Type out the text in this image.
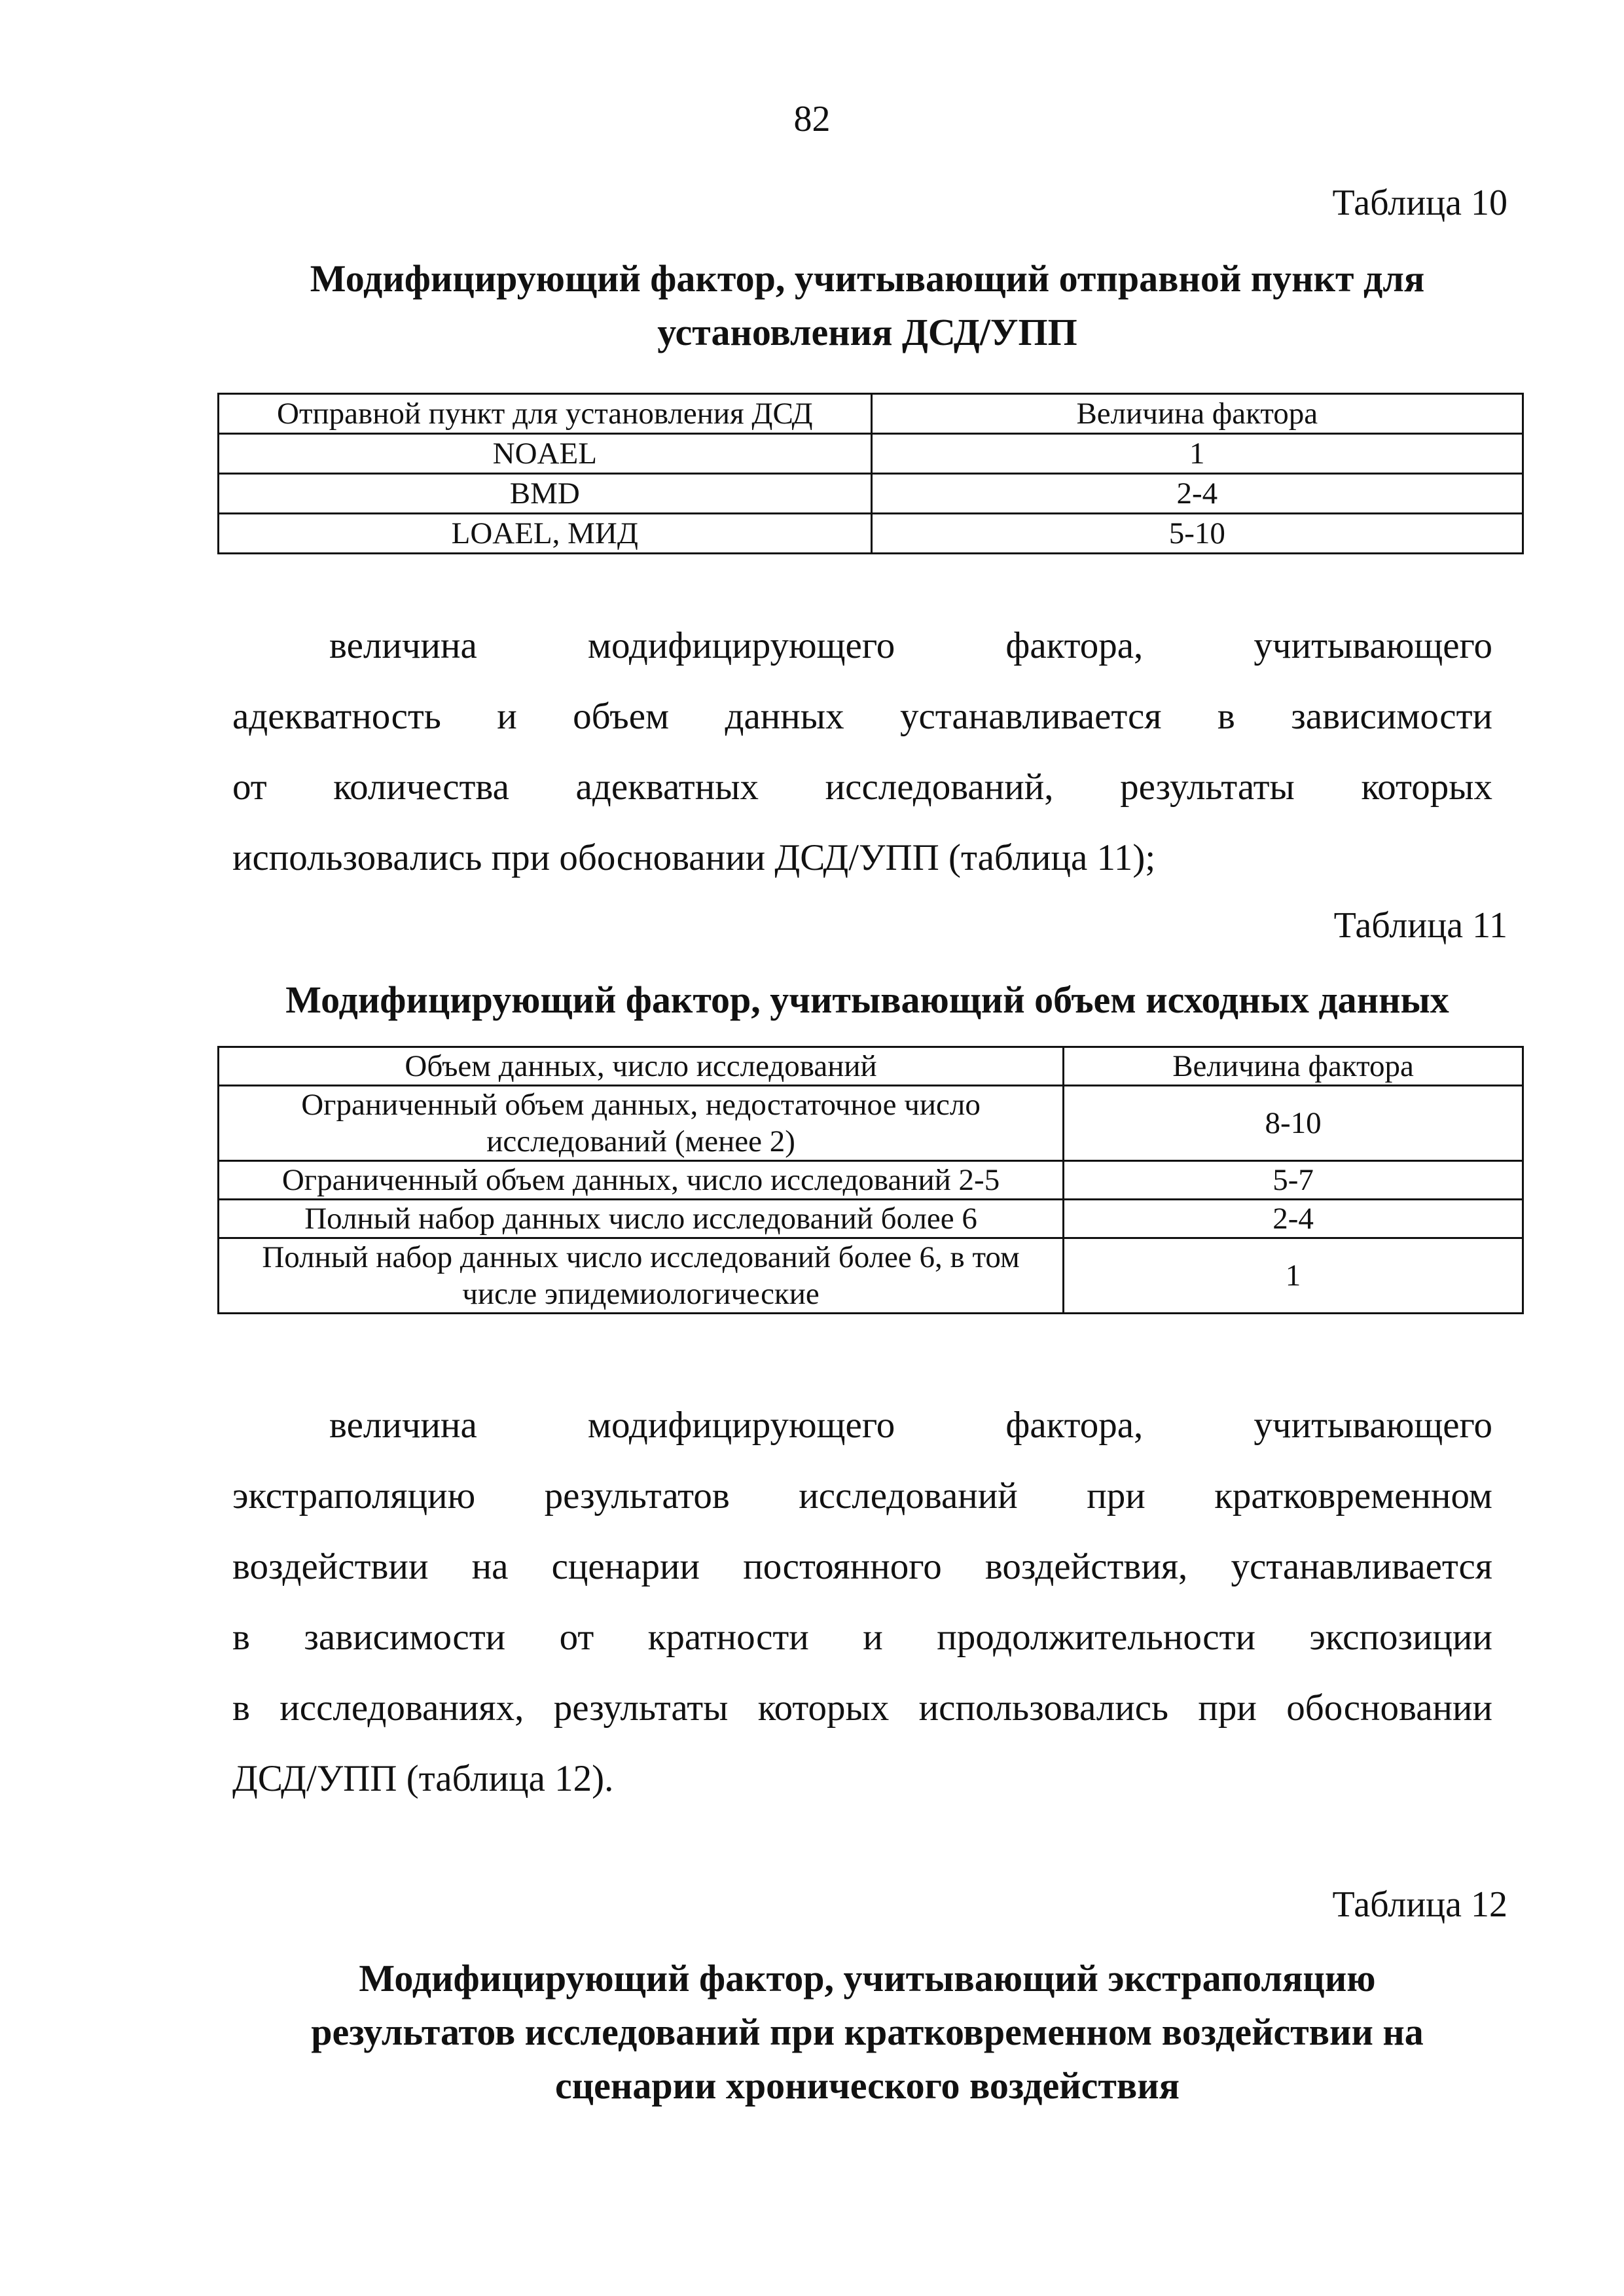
82
Таблица 10
Модифицирующий фактор, учитывающий отправной пункт для
установления ДСД/УПП
Отправной пункт для установления ДСД	Величина фактора
NOAEL	1
BMD	2-4
LOAEL, МИД	5-10
величина модифицирующего фактора, учитывающего
адекватность и объем данных устанавливается в зависимости
от количества адекватных исследований, результаты которых
использовались при обосновании ДСД/УПП (таблица 11);
Таблица 11
Модифицирующий фактор, учитывающий объем исходных данных
Объем данных, число исследований	Величина фактора

Ограниченный объем данных, недостаточное число
исследований (менее 2)	8-10

Ограниченный объем данных, число исследований 2-5	5-7

Полный набор данных число исследований более 6	2-4

Полный набор данных число исследований более 6, в том
числе эпидемиологические	1
величина модифицирующего фактора, учитывающего
экстраполяцию результатов исследований при кратковременном
воздействии на сценарии постоянного воздействия, устанавливается
в зависимости от кратности и продолжительности экспозиции
в исследованиях, результаты которых использовались при обосновании
ДСД/УПП (таблица 12).
Таблица 12
Модифицирующий фактор, учитывающий экстраполяцию
результатов исследований при кратковременном воздействии на
сценарии хронического воздействия
